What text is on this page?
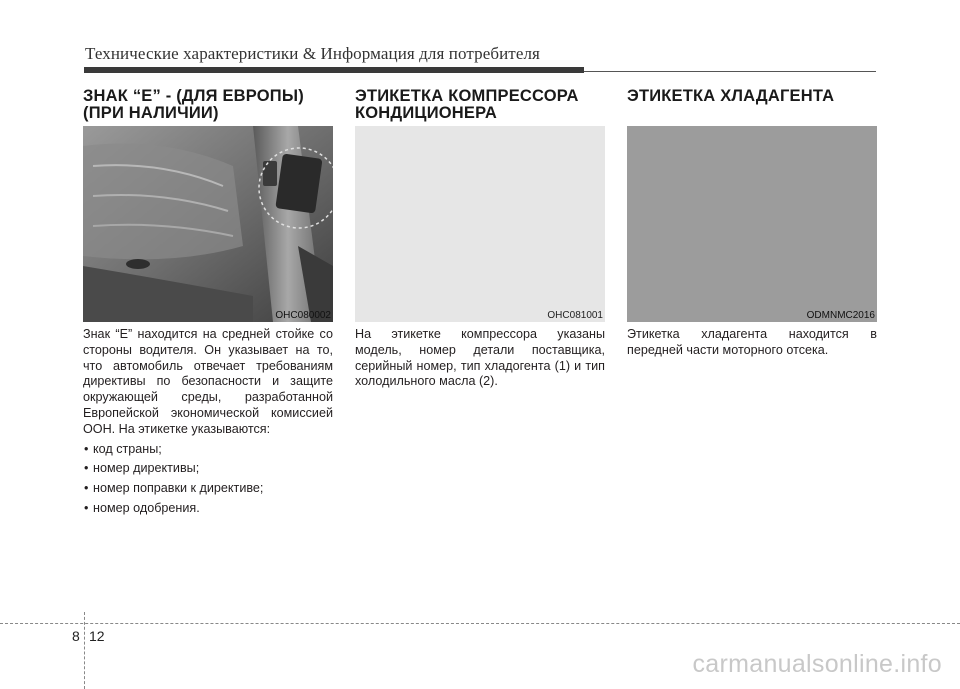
Технические характеристики & Информация для потребителя
ЗНАК “Е” - (ДЛЯ ЕВРОПЫ)
(ПРИ НАЛИЧИИ)
OHC080002
Знак “Е” находится на средней стойке со стороны водителя. Он указывает на то, что автомобиль отвечает требованиям директивы по безопасности и защите окружающей среды, разработанной Европейской экономической комиссией ООН. На этикетке указываются:
• код страны;
• номер директивы;
• номер поправки к директиве;
• номер одобрения.
ЭТИКЕТКА КОМПРЕССОРА
КОНДИЦИОНЕРА
OHC081001
На этикетке компрессора указаны модель, номер детали поставщика, серийный номер, тип хладогента (1) и тип холодильного масла (2).
ЭТИКЕТКА ХЛАДАГЕНТА
ODMNMC2016
Этикетка хладагента находится в передней части моторного отсека.
8 12
carmanualsonline.info
